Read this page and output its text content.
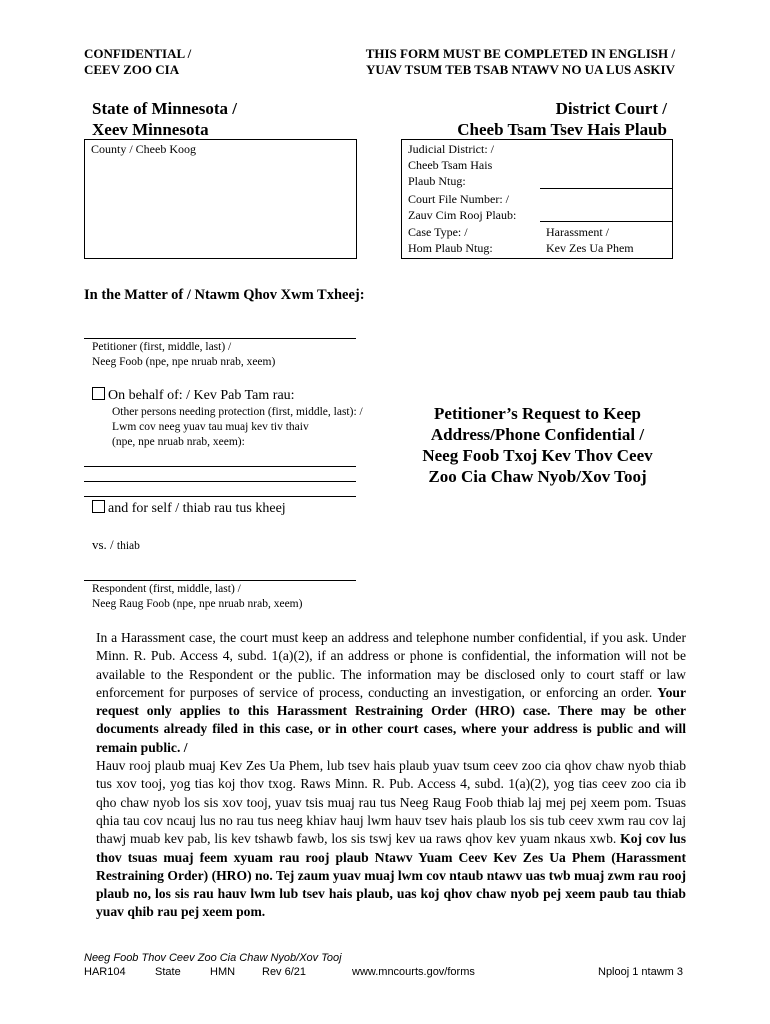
CONFIDENTIAL /
CEEV ZOO CIA
THIS FORM MUST BE COMPLETED IN ENGLISH /
YUAV TSUM TEB TSAB NTAWV NO UA LUS ASKIV
State of Minnesota /
Xeev Minnesota
District Court /
Cheeb Tsam Tsev Hais Plaub
County / Cheeb Koog	Judicial District: /
Cheeb Tsam Hais
Plaub Ntug:
Court File Number: /
Zauv Cim Rooj Plaub:
Case Type: /
Hom Plaub Ntug:
Harassment /
Kev Zes Ua Phem
In the Matter of / Ntawm Qhov Xwm Txheej:
Petitioner (first, middle, last) /
Neeg Foob (npe, npe nruab nrab, xeem)
On behalf of: / Kev Pab Tam rau:
Other persons needing protection (first, middle, last): /
Lwm cov neeg yuav tau muaj kev tiv thaiv
(npe, npe nruab nrab, xeem):
and for self / thiab rau tus kheej
vs. / thiab
Respondent (first, middle, last) /
Neeg Raug Foob (npe, npe nruab nrab, xeem)
Petitioner’s Request to Keep
Address/Phone Confidential /
Neeg Foob Txoj Kev Thov Ceev
Zoo Cia Chaw Nyob/Xov Tooj
In a Harassment case, the court must keep an address and telephone number confidential, if you ask. Under Minn. R. Pub. Access 4, subd. 1(a)(2), if an address or phone is confidential, the information will not be available to the Respondent or the public. The information may be disclosed only to court staff or law enforcement for purposes of service of process, conducting an investigation, or enforcing an order. Your request only applies to this Harassment Restraining Order (HRO) case. There may be other documents already filed in this case, or in other court cases, where your address is public and will remain public. /
Hauv rooj plaub muaj Kev Zes Ua Phem, lub tsev hais plaub yuav tsum ceev zoo cia qhov chaw nyob thiab tus xov tooj, yog tias koj thov txog. Raws Minn. R. Pub. Access 4, subd. 1(a)(2), yog tias ceev zoo cia ib qho chaw nyob los sis xov tooj, yuav tsis muaj rau tus Neeg Raug Foob thiab laj mej pej xeem pom. Tsuas qhia tau cov ncauj lus no rau tus neeg khiav hauj lwm hauv tsev hais plaub los sis tub ceev xwm rau cov laj thawj muab kev pab, lis kev tshawb fawb, los sis tswj kev ua raws qhov kev yuam nkaus xwb. Koj cov lus thov tsuas muaj feem xyuam rau rooj plaub Ntawv Yuam Ceev Kev Zes Ua Phem (Harassment Restraining Order) (HRO) no. Tej zaum yuav muaj lwm cov ntaub ntawv uas twb muaj zwm rau rooj plaub no, los sis rau hauv lwm lub tsev hais plaub, uas koj qhov chaw nyob pej xeem paub tau thiab yuav qhib rau pej xeem pom.
Neeg Foob Thov Ceev Zoo Cia Chaw Nyob/Xov Tooj
HAR104	State	HMN Rev 6/21	www.mncourts.gov/forms	Nplooj 1 ntawm 3
